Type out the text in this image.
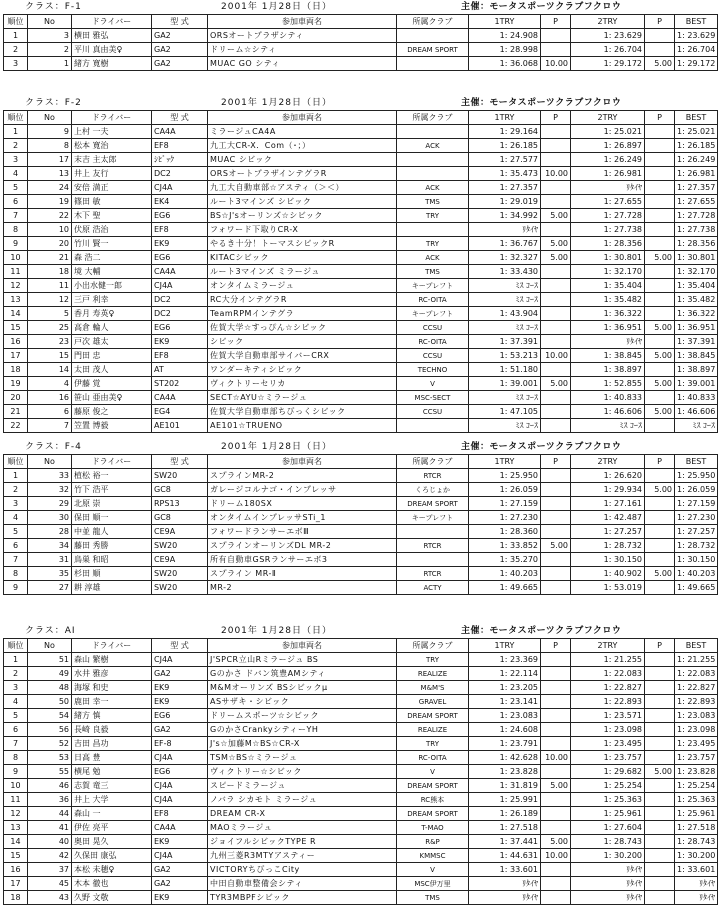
クラス：F-1	2001年 1月28日（日）	主催：モータスポーツクラブフクロウ
順位	No	ドライバー	型 式	参加車両名	所属クラブ	1TRY	P	2TRY	P	BEST
1	3	横田 雅弘	GA2	ORSオートプラザシティ		1: 24.908		1: 23.629		1: 23.629
2	2	平川 真由美♀	GA2	ドリーム☆シティ	DREAM SPORT	1: 28.998		1: 26.704		1: 26.704
3	1	緒方 寛樹	GA2	MUAC GO シティ		1: 36.068	10.00	1: 29.172	5.00	1: 29.172
クラス：F-2	2001年 1月28日（日）	主催：モータスポーツクラブフクロウ
順位	No	ドライバー	型 式	参加車両名	所属クラブ	1TRY	P	2TRY	P	BEST
1	9	上村 一夫	CA4A	ミラージュCA4A		1: 29.164		1: 25.021		1: 25.021
2	8	松本 寛治	EF8	九工大CR-X．Com（･；）	ACK	1: 26.185		1: 26.897		1: 26.185
3	17	末吉 主太郎	ｼﾋﾞｯｸ	MUAC シビック		1: 27.577		1: 26.249		1: 26.249
4	13	井上 友行	DC2	ORSオートプラザインテグラR		1: 35.473	10.00	1: 26.981		1: 26.981
5	24	安倍 満正	CJ4A	九工大自動車部☆アスティ（＞＜）	ACK	1: 27.357		ﾘﾀｲﾔ		1: 27.357
6	19	篠田 敏	EK4	ルート3マインズ シビック	TMS	1: 29.019		1: 27.655		1: 27.655
7	22	木下 聖	EG6	BS☆J'sオーリンズ☆シビック	TRY	1: 34.992	5.00	1: 27.728		1: 27.728
8	10	伏原 浩治	EF8	フォワード下取りCR-X		ﾘﾀｲﾔ		1: 27.738		1: 27.738
9	20	竹川 賢一	EK9	やるき十分！トーマスシビックR	TRY	1: 36.767	5.00	1: 28.356		1: 28.356
10	21	森 浩二	EG6	KITACシビック	ACK	1: 32.327	5.00	1: 30.801	5.00	1: 30.801
11	18	境 大輔	CA4A	ルート3マインズ ミラージュ	TMS	1: 33.430		1: 32.170		1: 32.170
12	11	小出水健一郎	CJ4A	オンタイムミラージュ	キープレフト	ﾐｽ ｺｰｽ		1: 35.404		1: 35.404
13	12	三戸 利幸	DC2	RC大分インテグラR	RC-OITA	ﾐｽ ｺｰｽ		1: 35.482		1: 35.482
14	5	香月 寿英♀	DC2	TeamRPMインテグラ	キープレフト	1: 43.904		1: 36.322		1: 36.322
15	25	高倉 輪人	EG6	佐賀大学☆すっぴん☆シビック	CCSU	ﾐｽ ｺｰｽ		1: 36.951	5.00	1: 36.951
16	23	戸次 雄太	EK9	シビック	RC-OITA	1: 37.391		ﾘﾀｲﾔ		1: 37.391
17	15	門田 忠	EF8	佐賀大学自動車部サイバーCRX	CCSU	1: 53.213	10.00	1: 38.845	5.00	1: 38.845
18	14	太田 茂人	AT	ワンダーキティシビック	TECHNO	1: 51.180		1: 38.897		1: 38.897
19	4	伊藤 覚	ST202	ヴィクトリーセリカ	V	1: 39.001	5.00	1: 52.855	5.00	1: 39.001
20	16	笹山 亜由美♀	CA4A	SECT☆AYU☆ミラージュ	MSC-SECT	ﾐｽ ｺｰｽ		1: 40.833		1: 40.833
21	6	藤原 俊之	EG4	佐賀大学自動車部ちびっくシビック	CCSU	1: 47.105		1: 46.606	5.00	1: 46.606
22	7	笠置 博毅	AE101	AE101☆TRUENO		ﾐｽ ｺｰｽ		ﾐｽ ｺｰｽ		ﾐｽ ｺｰｽ
クラス：F-4	2001年 1月28日（日）	主催：モータスポーツクラブフクロウ
順位	No	ドライバー	型 式	参加車両名	所属クラブ	1TRY	P	2TRY	P	BEST
1	33	植松 裕一	SW20	スプラインMR-2	RTCR	1: 25.950		1: 26.620		1: 25.950
2	32	竹下 浩平	GC8	ガレージコルナゴ・インプレッサ	くろじょか	1: 26.059		1: 29.934	5.00	1: 26.059
3	29	北原 崇	RPS13	ドリーム180SX	DREAM SPORT	1: 27.159		1: 27.161		1: 27.159
4	30	保田 順一	GC8	オンタイムインプレッサSTi_1	キープレフト	1: 27.230		1: 42.487		1: 27.230
5	28	中並 龍人	CE9A	フォワードランサーエボⅢ		1: 28.360		1: 27.257		1: 27.257
6	34	藤田 秀勝	SW20	スプラインオーリンズDL MR-2	RTCR	1: 33.852	5.00	1: 28.732		1: 28.732
7	31	鳥巣 和昭	CE9A	所有自動車GSRランサーエボ3		1: 35.270		1: 30.150		1: 30.150
8	35	杉田 順	SW20	スプライン MR-Ⅱ	RTCR	1: 40.203		1: 40.902	5.00	1: 40.203
9	27	耕 淳雄	SW20	MR-2	ACTY	1: 49.665		1: 53.019		1: 49.665
クラス：AⅠ	2001年 1月28日（日）	主催：モータスポーツクラブフクロウ
順位	No	ドライバー	型 式	参加車両名	所属クラブ	1TRY	P	2TRY	P	BEST
1	51	森山 繁樹	CJ4A	J'SPCR立山Rミラージュ BS	TRY	1: 23.369		1: 21.255		1: 21.255
2	49	水井 雅彦	GA2	Gのかさ ドバン筑豊AMシティ	REALIZE	1: 22.114		1: 22.083		1: 22.083
3	48	海塚 和史	EK9	M&Mオーリンズ BSシビックμ	M&M'S	1: 23.205		1: 22.827		1: 22.827
4	50	鹿田 幸一	EK9	ASサザキ・シビック	GRAVEL	1: 23.141		1: 22.893		1: 22.893
5	54	緒方 慎	EG6	ドリームスポーツ☆シビック	DREAM SPORT	1: 23.083		1: 23.571		1: 23.083
6	56	長崎 良毅	GA2	GのかさCrankyシティーYH	REALIZE	1: 24.608		1: 23.098		1: 23.098
7	52	吉田 昌功	EF-8	J's☆加藤M☆BS☆CR-X	TRY	1: 23.791		1: 23.495		1: 23.495
8	53	日高 豊	CJ4A	TSM☆BS☆ミラージュ	RC-OITA	1: 42.628	10.00	1: 23.757		1: 23.757
9	55	横尾 勉	EG6	ヴィクトリー☆シビック	V	1: 23.828		1: 29.682	5.00	1: 23.828
10	46	志賀 竜三	CJ4A	スピードミラージュ	DREAM SPORT	1: 31.819	5.00	1: 25.254		1: 25.254
11	36	井上 大学	CJ4A	ノバラ シカモト ミラージュ	RC熊本	1: 25.991		1: 25.363		1: 25.363
12	44	森山 一	EF8	DREAM CR-X	DREAM SPORT	1: 26.189		1: 25.961		1: 25.961
13	41	伊佐 亮平	CA4A	MAOミラージュ	T-MAO	1: 27.518		1: 27.604		1: 27.518
14	40	奥田 晃久	EK9	ジョイフルシビックTYPE R	R&P	1: 37.441	5.00	1: 28.743		1: 28.743
15	42	久保田 康弘	CJ4A	九州三菱R3MTYアスティー	KMMSC	1: 44.631	10.00	1: 30.200		1: 30.200
16	37	本松 未穂♀	GA2	VICTORYちびっこCity	V	1: 33.601		ﾘﾀｲﾔ		1: 33.601
17	45	木本 徹也	GA2	中田自動車整備会シティ	MSC伊万里	ﾘﾀｲﾔ		ﾘﾀｲﾔ		ﾘﾀｲﾔ
18	43	久野 文敬	EK9	TYR3MBPFシビック	TMS	ﾘﾀｲﾔ		ﾘﾀｲﾔ		ﾘﾀｲﾔ
